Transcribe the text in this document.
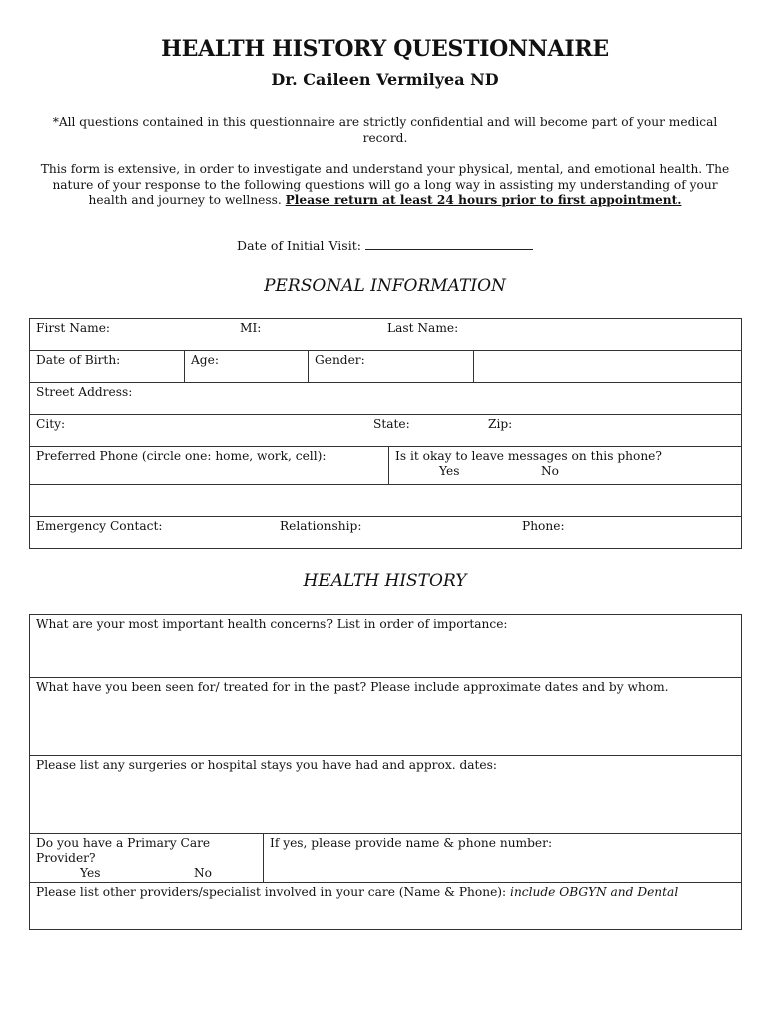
HEALTH HISTORY QUESTIONNAIRE
Dr. Caileen Vermilyea ND
*All questions contained in this questionnaire are strictly confidential and will become part of your medical record.
This form is extensive, in order to investigate and understand your physical, mental, and emotional health. The nature of your response to the following questions will go a long way in assisting my understanding of your health and journey to wellness. Please return at least 24 hours prior to first appointment.
Date of Initial Visit:
PERSONAL INFORMATION
First Name: MI: Last Name:				

Date of Birth:	Age:	Gender:		
Street Address:				

City: State: Zip:				

Preferred Phone (circle one: home, work, cell):			Is it okay to leave messages on this phone?
Yes No	

Emergency Contact: Relationship: Phone:				
HEALTH HISTORY
What are your most important health concerns? List in order of importance:
What have you been seen for/ treated for in the past? Please include approximate dates and by whom.
Please list any surgeries or hospital stays you have had and approx. dates:

Do you have a Primary Care Provider?
Yes	No
	If yes, please provide name & phone number:
Please list other providers/specialist involved in your care (Name & Phone): include OBGYN and Dental
